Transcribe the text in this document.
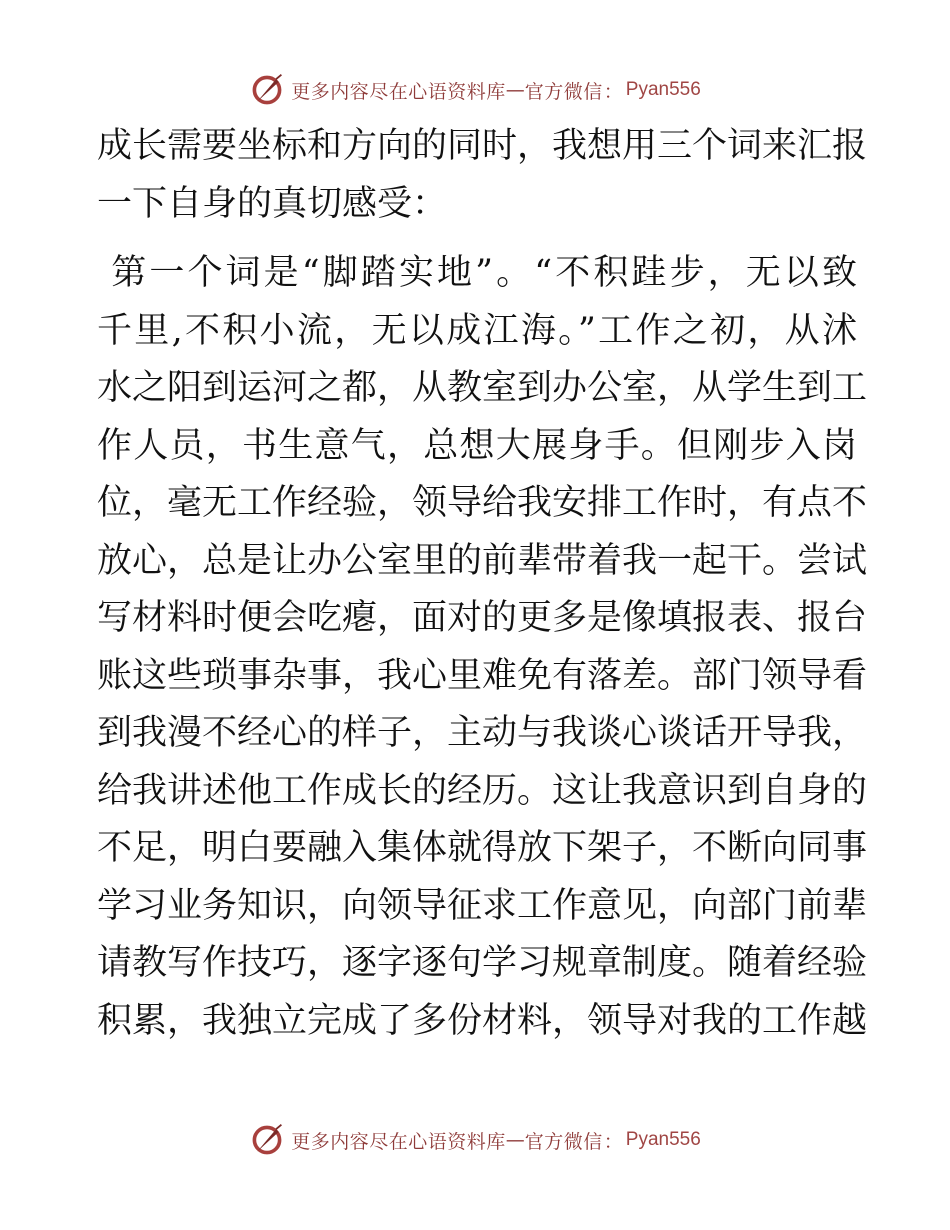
更多内容尽在心语资料库 — 官方微信 ： Pyan556
成长需要坐标和方向的同时，我想用三个词来汇报
一下自身的真切感受：
第一个词是“脚踏实地”。“不积跬步，无以致
千里,不积小流，无以成江海。”工作之初，从沭
水之阳到运河之都，从教室到办公室，从学生到工
作人员，书生意气，总想大展身手。但刚步入岗
位，毫无工作经验，领导给我安排工作时，有点不
放心，总是让办公室里的前辈带着我一起干。尝试
写材料时便会吃瘪，面对的更多是像填报表、报台
账这些琐事杂事，我心里难免有落差。部门领导看
到我漫不经心的样子，主动与我谈心谈话开导我，
给我讲述他工作成长的经历。这让我意识到自身的
不足，明白要融入集体就得放下架子，不断向同事
学习业务知识，向领导征求工作意见，向部门前辈
请教写作技巧，逐字逐句学习规章制度。随着经验
积累，我独立完成了多份材料，领导对我的工作越
更多内容尽在心语资料库 — 官方微信 ： Pyan556
